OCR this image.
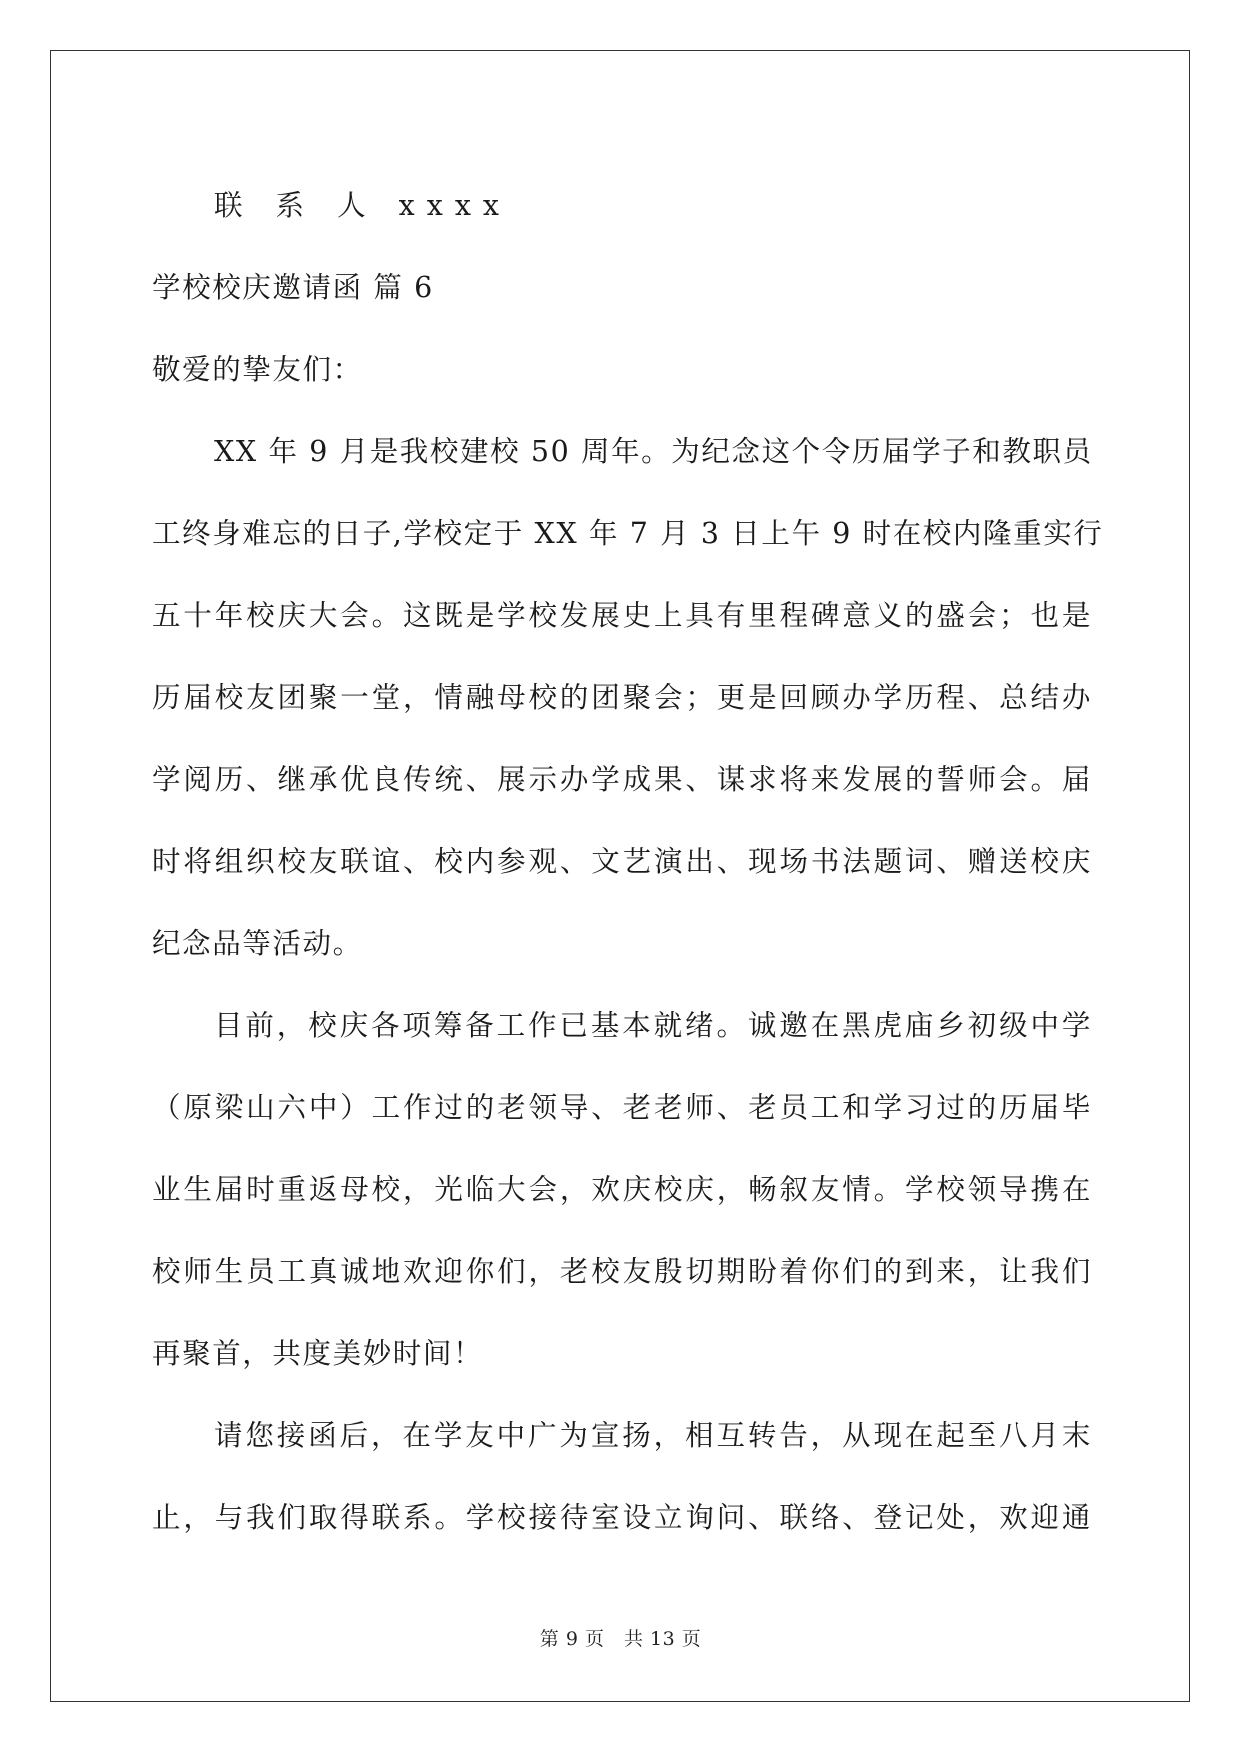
联 系 人 xxxx
学校校庆邀请函 篇 6
敬爱的挚友们：
XX 年 9 月是我校建校 50 周年。为纪念这个令历届学子和教职员
工终身难忘的日子,学校定于 XX 年 7 月 3 日上午 9 时在校内隆重实行
五十年校庆大会。这既是学校发展史上具有里程碑意义的盛会；也是
历届校友团聚一堂，情融母校的团聚会；更是回顾办学历程、总结办
学阅历、继承优良传统、展示办学成果、谋求将来发展的誓师会。届
时将组织校友联谊、校内参观、文艺演出、现场书法题词、赠送校庆
纪念品等活动。
目前，校庆各项筹备工作已基本就绪。诚邀在黑虎庙乡初级中学
（原梁山六中）工作过的老领导、老老师、老员工和学习过的历届毕
业生届时重返母校，光临大会，欢庆校庆，畅叙友情。学校领导携在
校师生员工真诚地欢迎你们，老校友殷切期盼着你们的到来，让我们
再聚首，共度美妙时间！
请您接函后，在学友中广为宣扬，相互转告，从现在起至八月末
止，与我们取得联系。学校接待室设立询问、联络、登记处，欢迎通
第 9 页　共 13 页
